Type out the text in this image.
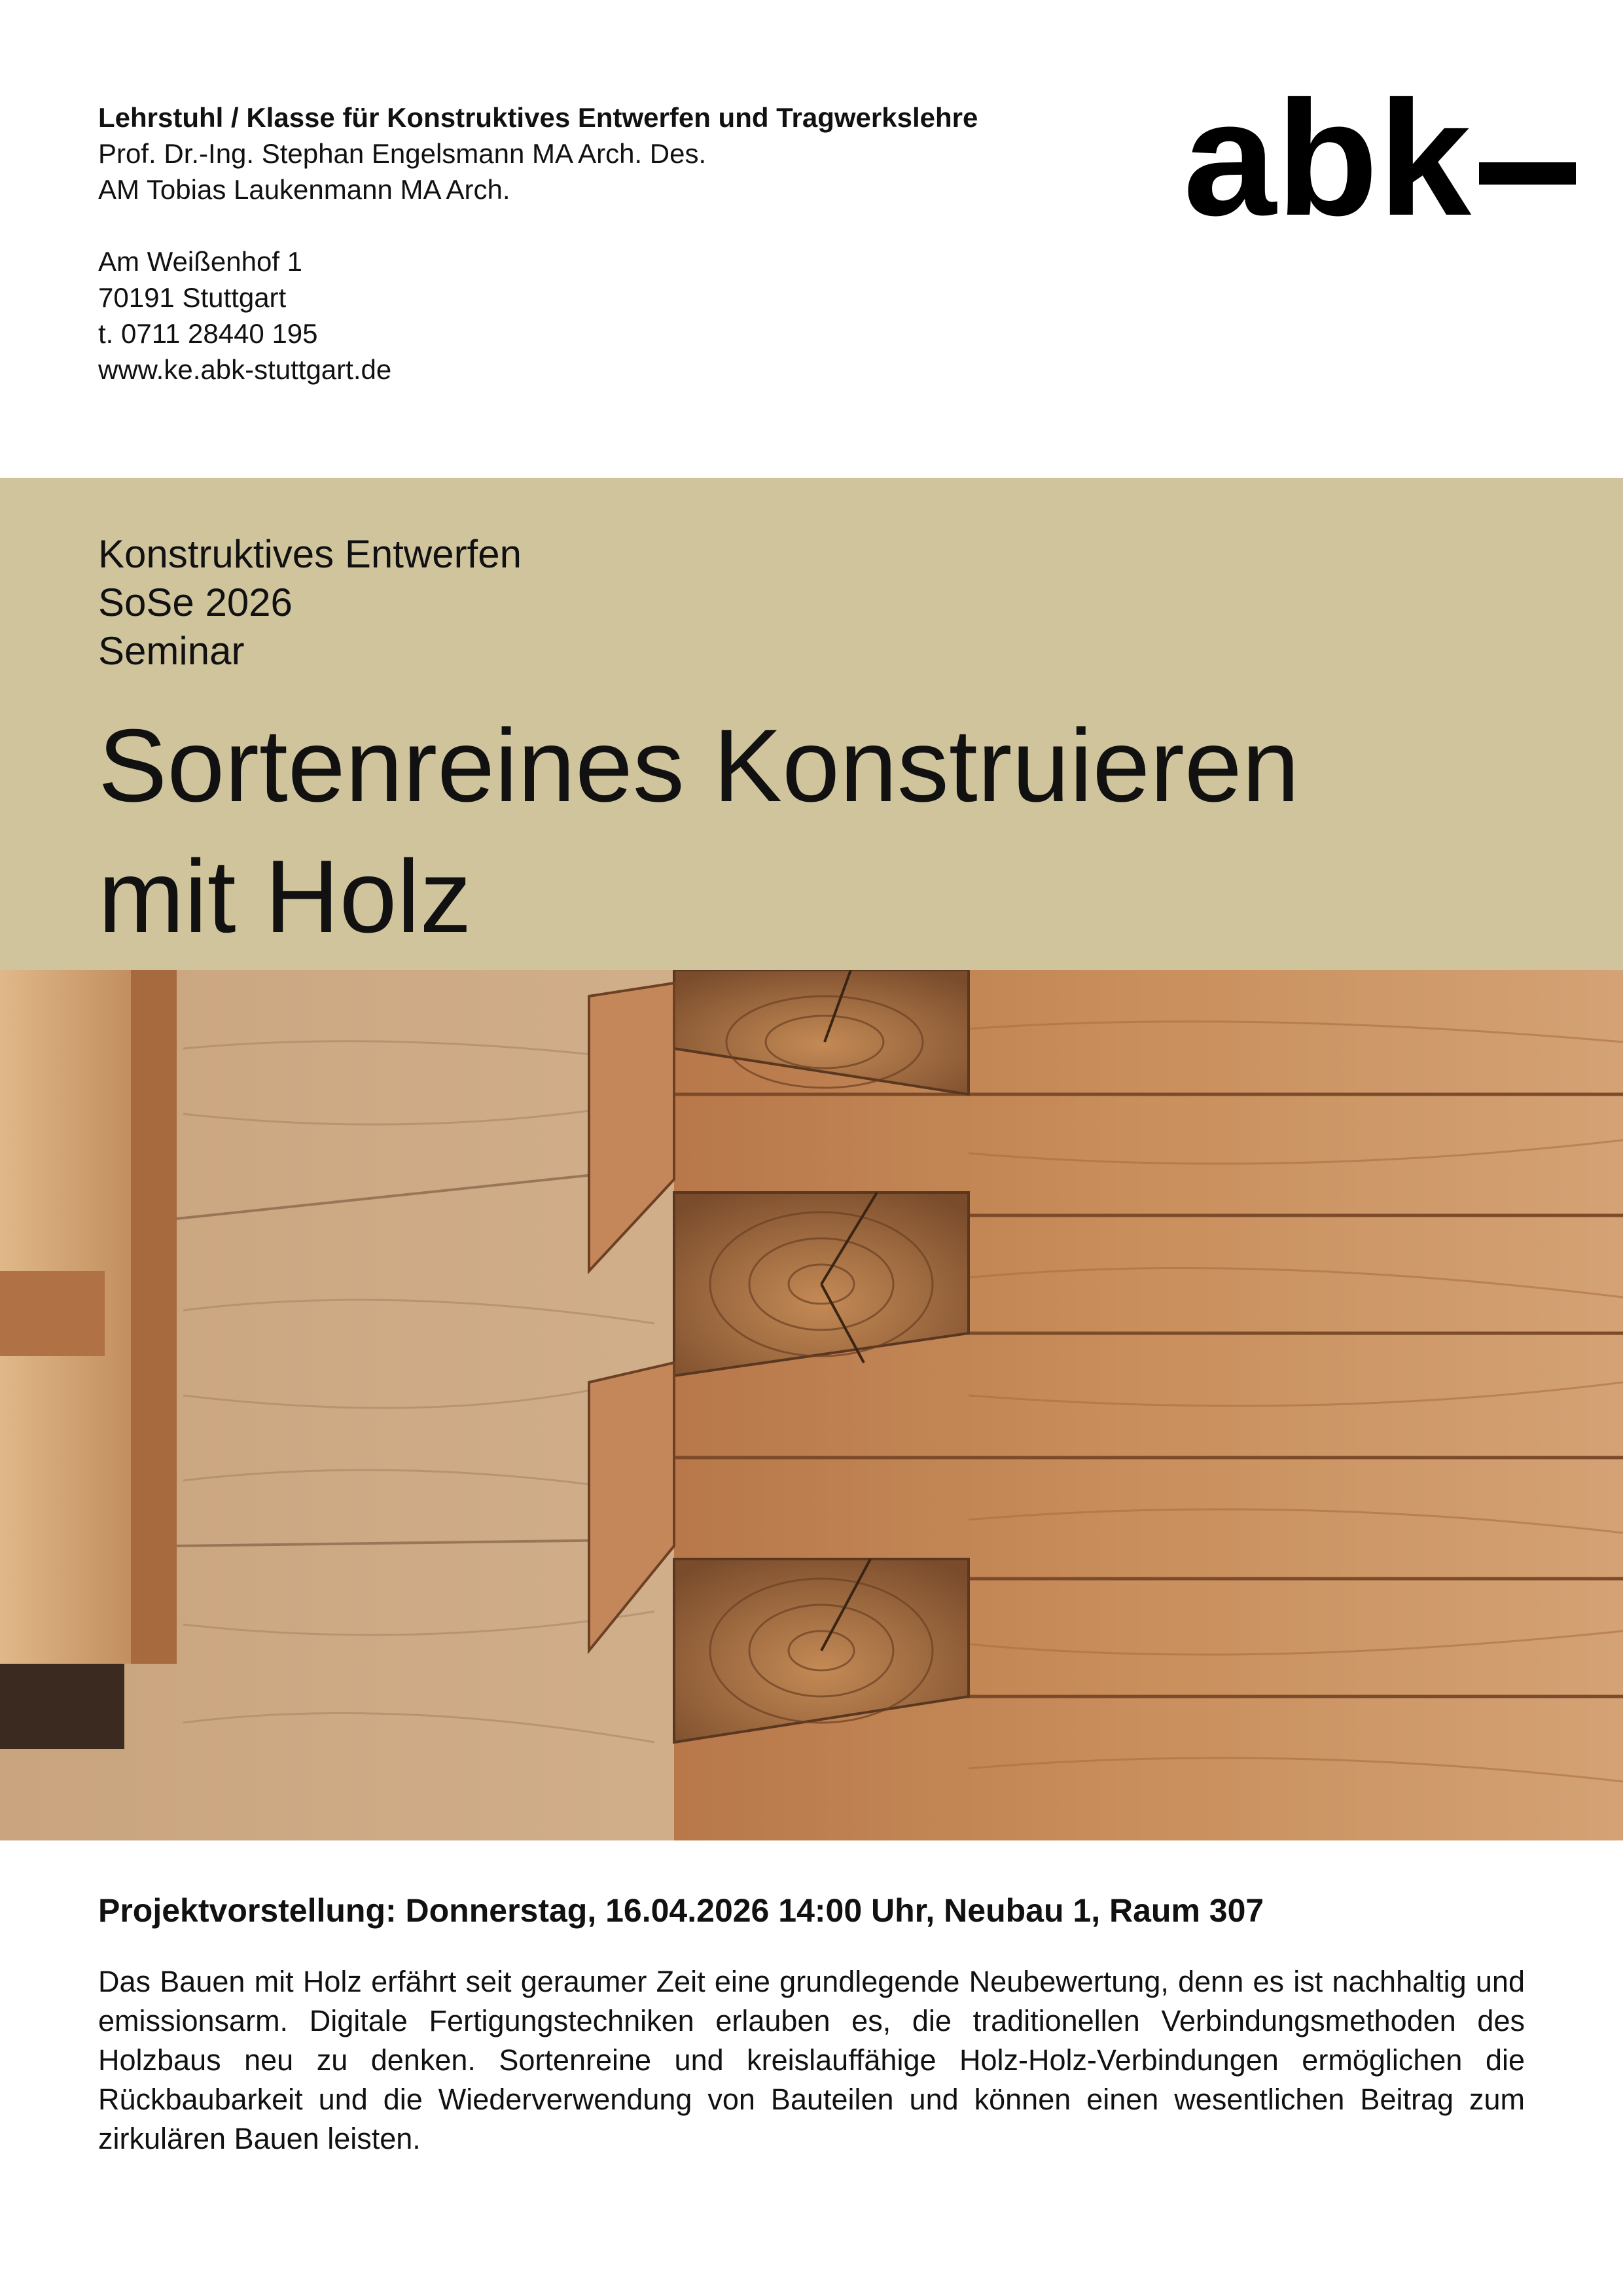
Lehrstuhl / Klasse für Konstruktives Entwerfen und Tragwerkslehre
Prof. Dr.-Ing. Stephan Engelsmann MA Arch. Des.
AM Tobias Laukenmann MA Arch.
Am Weißenhof 1
70191 Stuttgart
t. 0711 28440 195
www.ke.abk-stuttgart.de
abk
Konstruktives Entwerfen
SoSe 2026
Seminar
Sortenreines Konstruieren
mit Holz
Projektvorstellung: Donnerstag, 16.04.2026 14:00 Uhr, Neubau 1, Raum 307

Das Bauen mit Holz erfährt seit geraumer Zeit eine grundlegende Neubewertung, denn es ist nachhaltig und emissionsarm. Digitale Fertigungstechniken erlauben es, die traditionellen Verbindungsmethoden des Holzbaus neu zu denken. Sortenreine und kreislauffähige Holz-Holz-Verbindungen ermöglichen die Rückbaubarkeit und die Wiederverwendung von Bauteilen und können einen wesentlichen Beitrag zum zirkulären Bauen leisten.
